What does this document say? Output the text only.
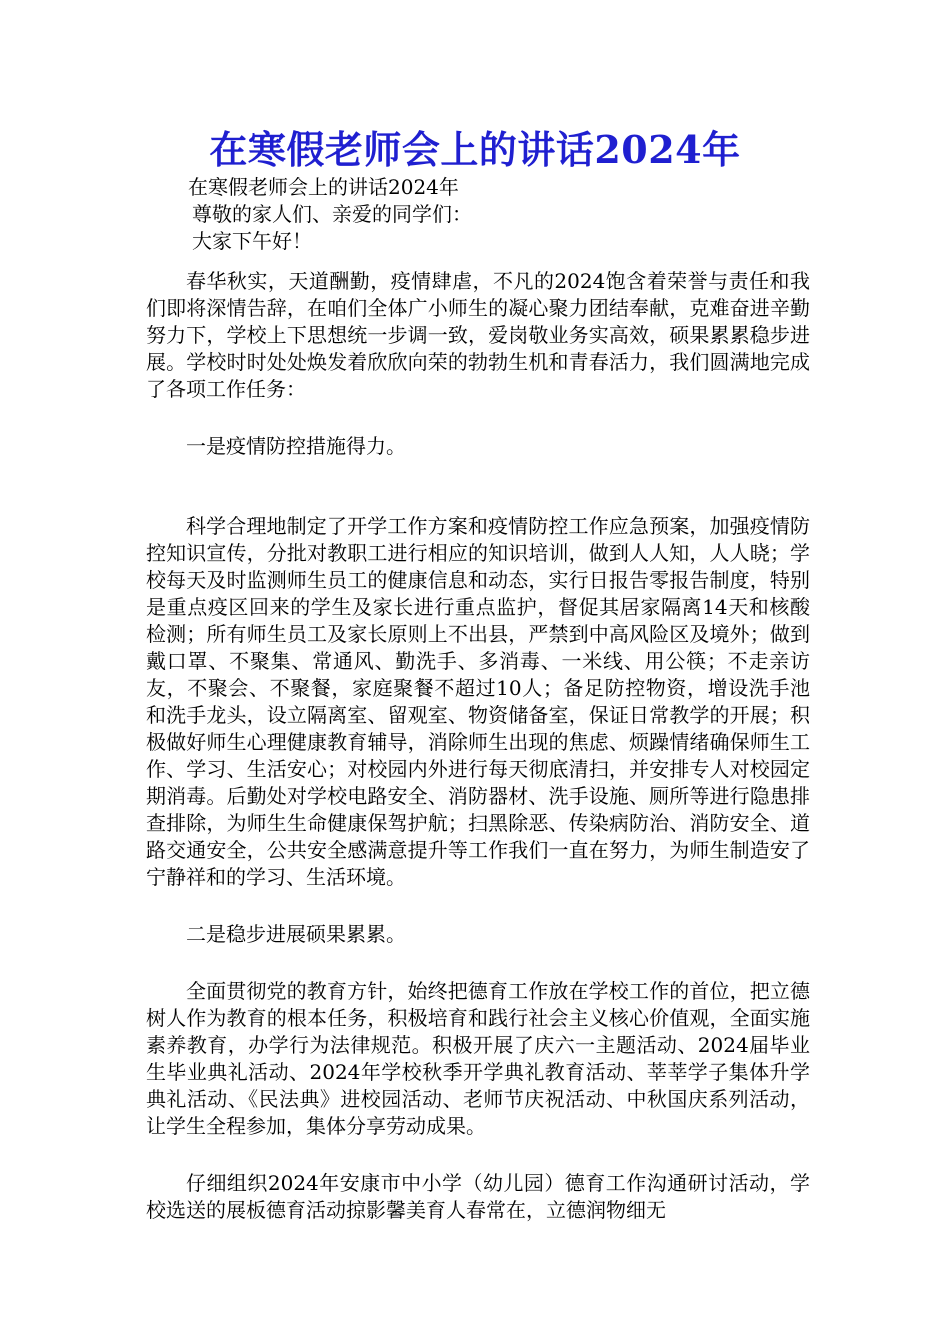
在寒假老师会上的讲话2024年
在寒假老师会上的讲话2024年
尊敬的家人们、亲爱的同学们：
大家下午好！

春华秋实，天道酬勤，疫情肆虐，不凡的2024饱含着荣誉与责任和我们即将深情告辞，在咱们全体广小师生的凝心聚力团结奉献，克难奋进辛勤努力下，学校上下思想统一步调一致，爱岗敬业务实高效，硕果累累稳步进展。学校时时处处焕发着欣欣向荣的勃勃生机和青春活力，我们圆满地完成了各项工作任务：

一是疫情防控措施得力。

科学合理地制定了开学工作方案和疫情防控工作应急预案，加强疫情防控知识宣传，分批对教职工进行相应的知识培训，做到人人知，人人晓；学校每天及时监测师生员工的健康信息和动态，实行日报告零报告制度，特别是重点疫区回来的学生及家长进行重点监护，督促其居家隔离14天和核酸检测；所有师生员工及家长原则上不出县，严禁到中高风险区及境外；做到戴口罩、不聚集、常通风、勤洗手、多消毒、一米线、用公筷；不走亲访友，不聚会、不聚餐，家庭聚餐不超过10人；备足防控物资，增设洗手池和洗手龙头，设立隔离室、留观室、物资储备室，保证日常教学的开展；积极做好师生心理健康教育辅导，消除师生出现的焦虑、烦躁情绪确保师生工作、学习、生活安心；对校园内外进行每天彻底清扫，并安排专人对校园定期消毒。后勤处对学校电路安全、消防器材、洗手设施、厕所等进行隐患排查排除，为师生生命健康保驾护航；扫黑除恶、传染病防治、消防安全、道路交通安全，公共安全感满意提升等工作我们一直在努力，为师生制造安了宁静祥和的学习、生活环境。

二是稳步进展硕果累累。

全面贯彻党的教育方针，始终把德育工作放在学校工作的首位，把立德树人作为教育的根本任务，积极培育和践行社会主义核心价值观，全面实施素养教育，办学行为法律规范。积极开展了庆六一主题活动、2024届毕业生毕业典礼活动、2024年学校秋季开学典礼教育活动、莘莘学子集体升学典礼活动、《民法典》进校园活动、老师节庆祝活动、中秋国庆系列活动，让学生全程参加，集体分享劳动成果。

仔细组织2024年安康市中小学（幼儿园）德育工作沟通研讨活动，学校选送的展板德育活动掠影馨美育人春常在，立德润物细无
